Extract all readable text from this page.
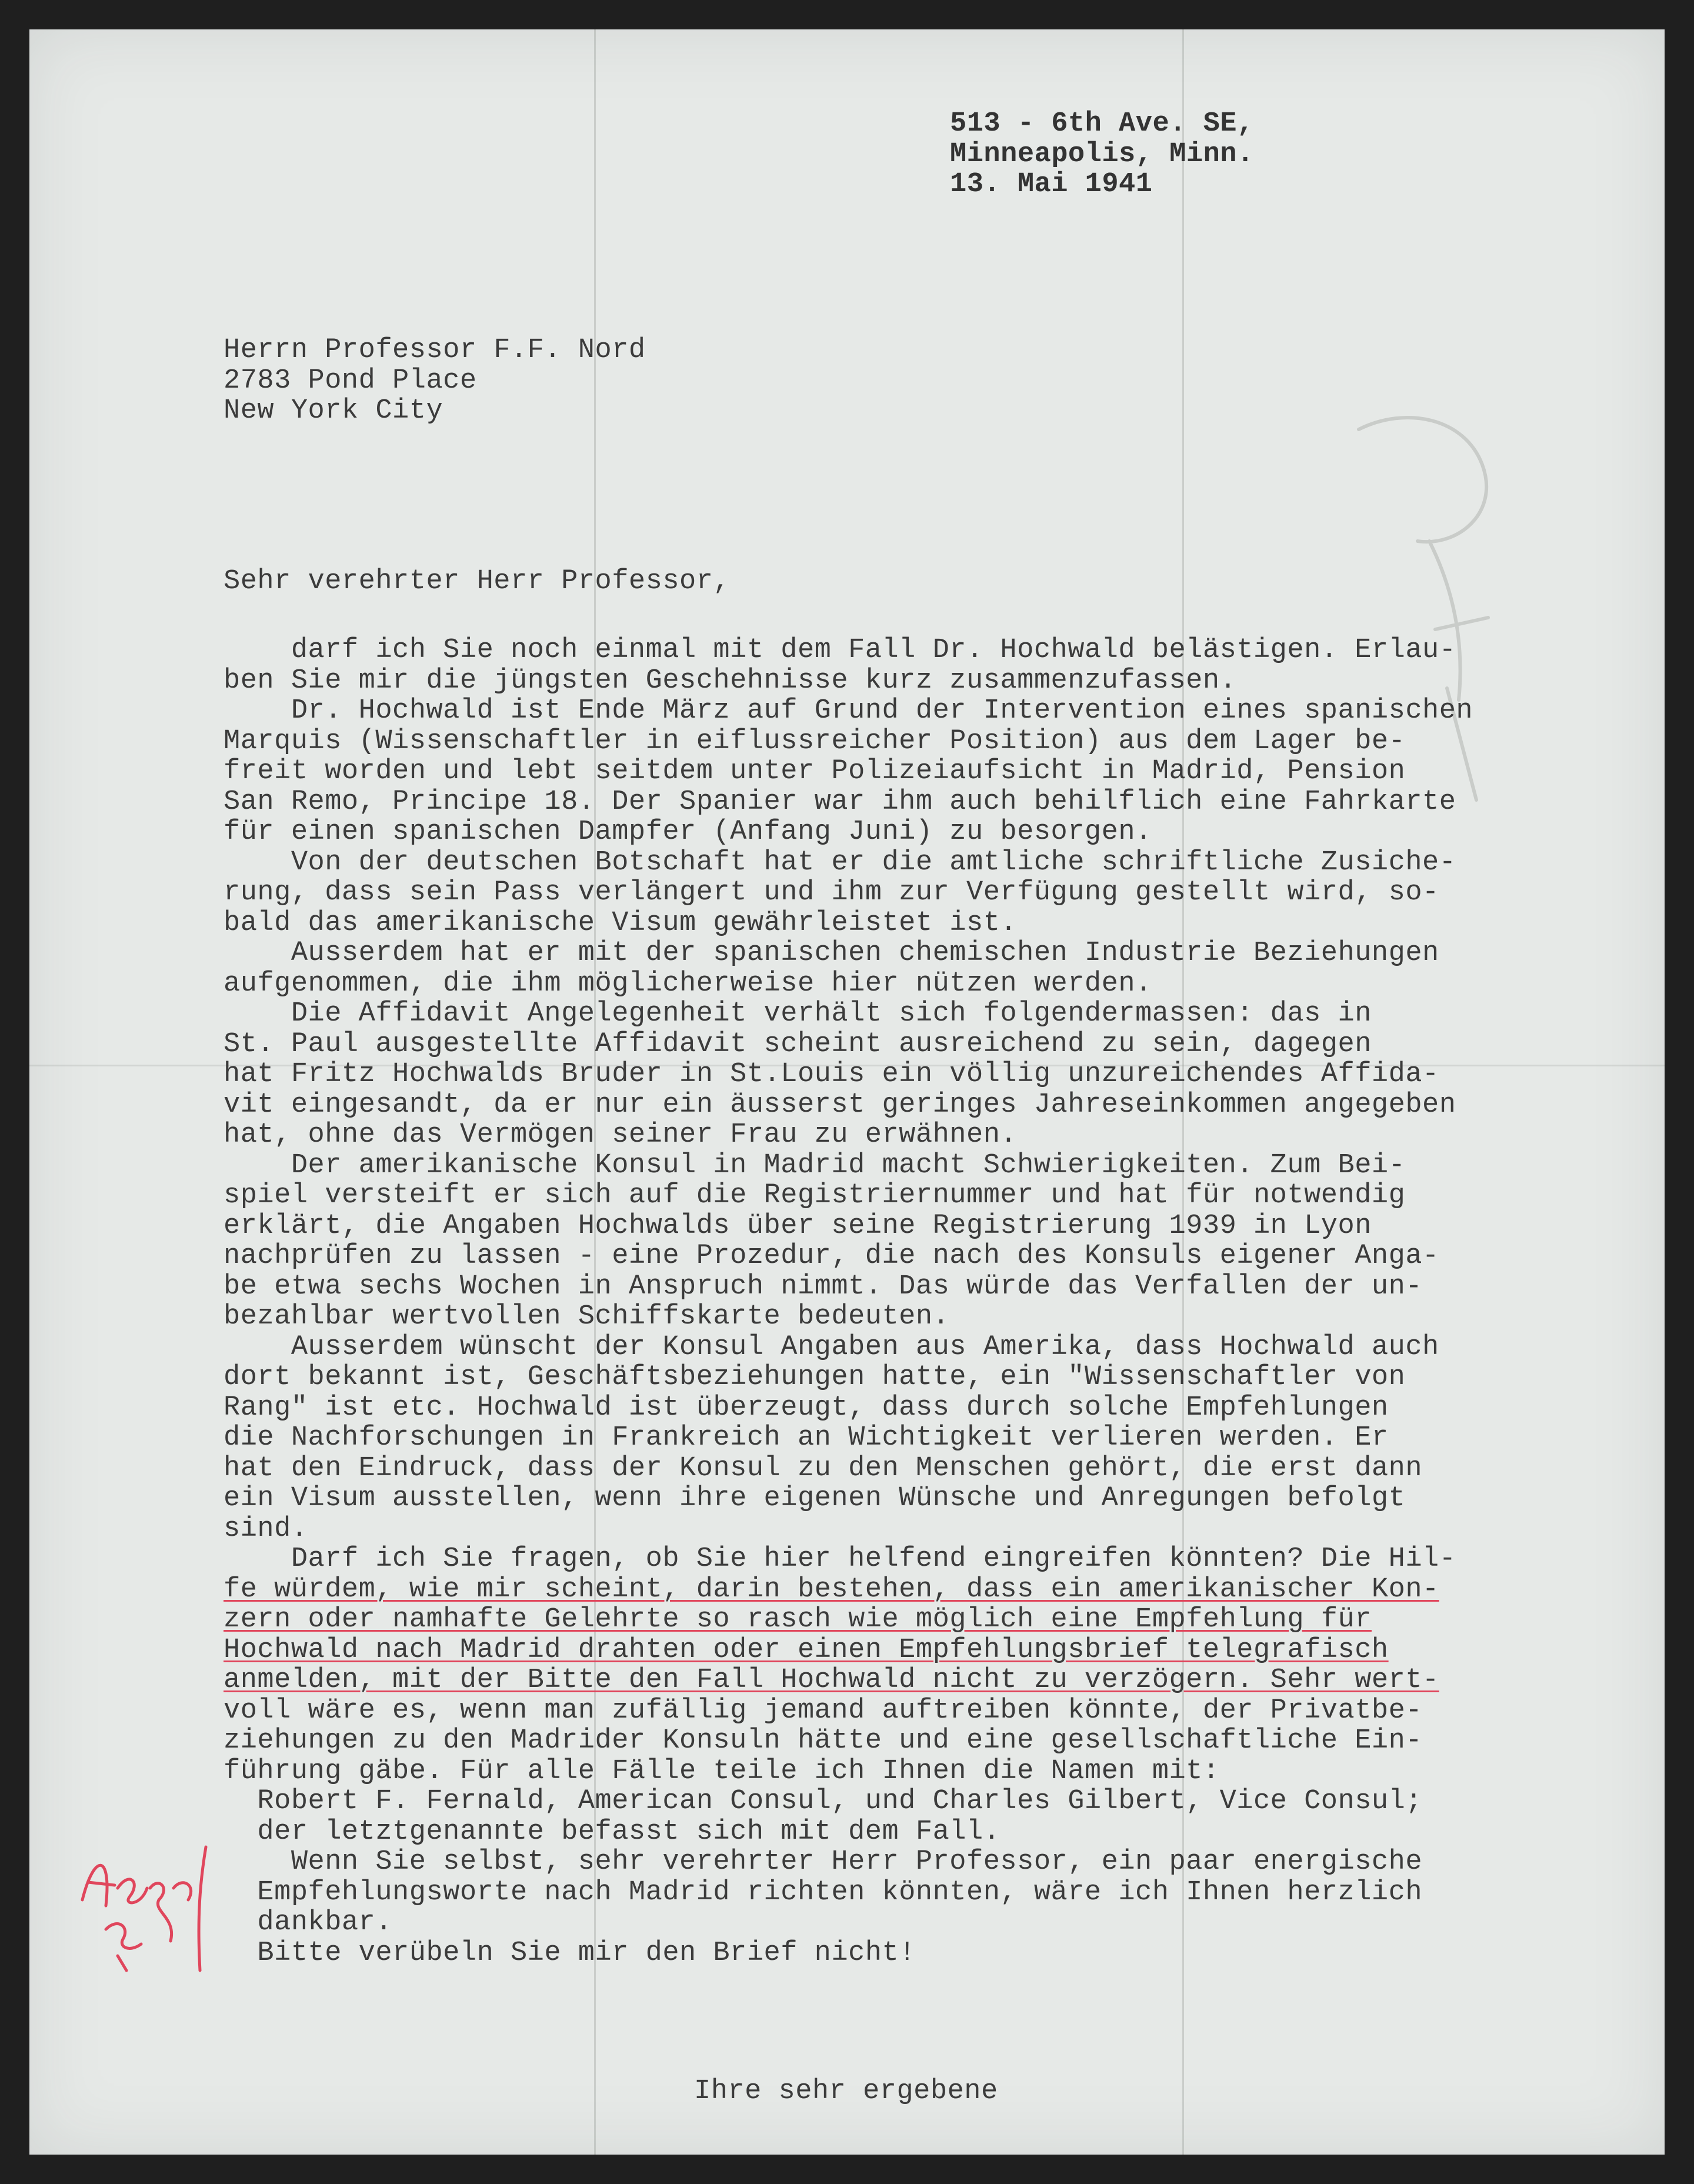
513 - 6th Ave. SE,
Minneapolis, Minn.
13. Mai 1941
Herrn Professor F.F. Nord
2783 Pond Place
New York City
Sehr verehrter Herr Professor,
darf ich Sie noch einmal mit dem Fall Dr. Hochwald belästigen. Erlau-
ben Sie mir die jüngsten Geschehnisse kurz zusammenzufassen.
Dr. Hochwald ist Ende März auf Grund der Intervention eines spanischen
Marquis (Wissenschaftler in eiflussreicher Position) aus dem Lager be-
freit worden und lebt seitdem unter Polizeiaufsicht in Madrid, Pension
San Remo, Principe 18. Der Spanier war ihm auch behilflich eine Fahrkarte
für einen spanischen Dampfer (Anfang Juni) zu besorgen.
Von der deutschen Botschaft hat er die amtliche schriftliche Zusiche-
rung, dass sein Pass verlängert und ihm zur Verfügung gestellt wird, so-
bald das amerikanische Visum gewährleistet ist.
Ausserdem hat er mit der spanischen chemischen Industrie Beziehungen
aufgenommen, die ihm möglicherweise hier nützen werden.
Die Affidavit Angelegenheit verhält sich folgendermassen: das in
St. Paul ausgestellte Affidavit scheint ausreichend zu sein, dagegen
hat Fritz Hochwalds Bruder in St.Louis ein völlig unzureichendes Affida-
vit eingesandt, da er nur ein äusserst geringes Jahreseinkommen angegeben
hat, ohne das Vermögen seiner Frau zu erwähnen.
Der amerikanische Konsul in Madrid macht Schwierigkeiten. Zum Bei-
spiel versteift er sich auf die Registriernummer und hat für notwendig
erklärt, die Angaben Hochwalds über seine Registrierung 1939 in Lyon
nachprüfen zu lassen - eine Prozedur, die nach des Konsuls eigener Anga-
be etwa sechs Wochen in Anspruch nimmt. Das würde das Verfallen der un-
bezahlbar wertvollen Schiffskarte bedeuten.
Ausserdem wünscht der Konsul Angaben aus Amerika, dass Hochwald auch
dort bekannt ist, Geschäftsbeziehungen hatte, ein "Wissenschaftler von
Rang" ist etc. Hochwald ist überzeugt, dass durch solche Empfehlungen
die Nachforschungen in Frankreich an Wichtigkeit verlieren werden. Er
hat den Eindruck, dass der Konsul zu den Menschen gehört, die erst dann
ein Visum ausstellen, wenn ihre eigenen Wünsche und Anregungen befolgt
sind.
Darf ich Sie fragen, ob Sie hier helfend eingreifen könnten? Die Hil-
fe würdem, wie mir scheint, darin bestehen, dass ein amerikanischer Kon-
zern oder namhafte Gelehrte so rasch wie möglich eine Empfehlung für
Hochwald nach Madrid drahten oder einen Empfehlungsbrief telegrafisch
anmelden, mit der Bitte den Fall Hochwald nicht zu verzögern. Sehr wert-
voll wäre es, wenn man zufällig jemand auftreiben könnte, der Privatbe-
ziehungen zu den Madrider Konsuln hätte und eine gesellschaftliche Ein-
führung gäbe. Für alle Fälle teile ich Ihnen die Namen mit:
Robert F. Fernald, American Consul, und Charles Gilbert, Vice Consul;
der letztgenannte befasst sich mit dem Fall.
Wenn Sie selbst, sehr verehrter Herr Professor, ein paar energische
Empfehlungsworte nach Madrid richten könnten, wäre ich Ihnen herzlich
dankbar.
Bitte verübeln Sie mir den Brief nicht!
Ihre sehr ergebene
